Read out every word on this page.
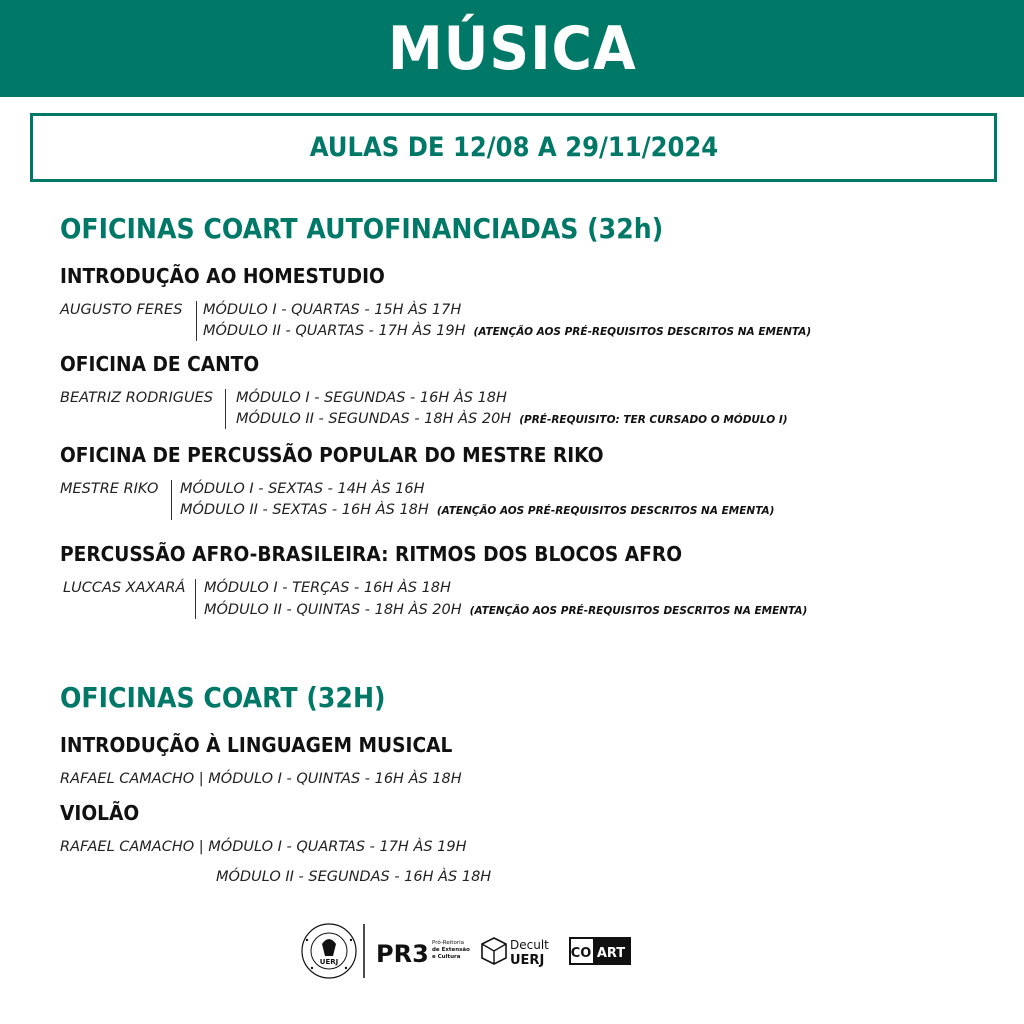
MÚSICA
AULAS DE 12/08 A 29/11/2024
OFICINAS COART AUTOFINANCIADAS (32h)
INTRODUÇÃO AO HOMESTUDIO
AUGUSTO FERES MÓDULO I - QUARTAS - 15H ÀS 17H
MÓDULO II - QUARTAS - 17H ÀS 19H (ATENÇÃO AOS PRÉ-REQUISITOS DESCRITOS NA EMENTA)
OFICINA DE CANTO
BEATRIZ RODRIGUES MÓDULO I - SEGUNDAS - 16H ÀS 18H
MÓDULO II - SEGUNDAS - 18H ÀS 20H (PRÉ-REQUISITO: TER CURSADO O MÓDULO I)
OFICINA DE PERCUSSÃO POPULAR DO MESTRE RIKO
MESTRE RIKO MÓDULO I - SEXTAS - 14H ÀS 16H
MÓDULO II - SEXTAS - 16H ÀS 18H (ATENÇÃO AOS PRÉ-REQUISITOS DESCRITOS NA EMENTA)
PERCUSSÃO AFRO-BRASILEIRA: RITMOS DOS BLOCOS AFRO
LUCCAS XAXARÁ MÓDULO I - TERÇAS - 16H ÀS 18H
MÓDULO II - QUINTAS - 18H ÀS 20H (ATENÇÃO AOS PRÉ-REQUISITOS DESCRITOS NA EMENTA)
OFICINAS COART (32H)
INTRODUÇÃO À LINGUAGEM MUSICAL
RAFAEL CAMACHO | MÓDULO I - QUINTAS - 16H ÀS 18H
VIOLÃO
RAFAEL CAMACHO | MÓDULO I - QUARTAS - 17H ÀS 19H
MÓDULO II - SEGUNDAS - 16H ÀS 18H
UERJ PR3 Pró-Reitoria
de Extensão
e Cultura
Decult
UERJ CO ART
